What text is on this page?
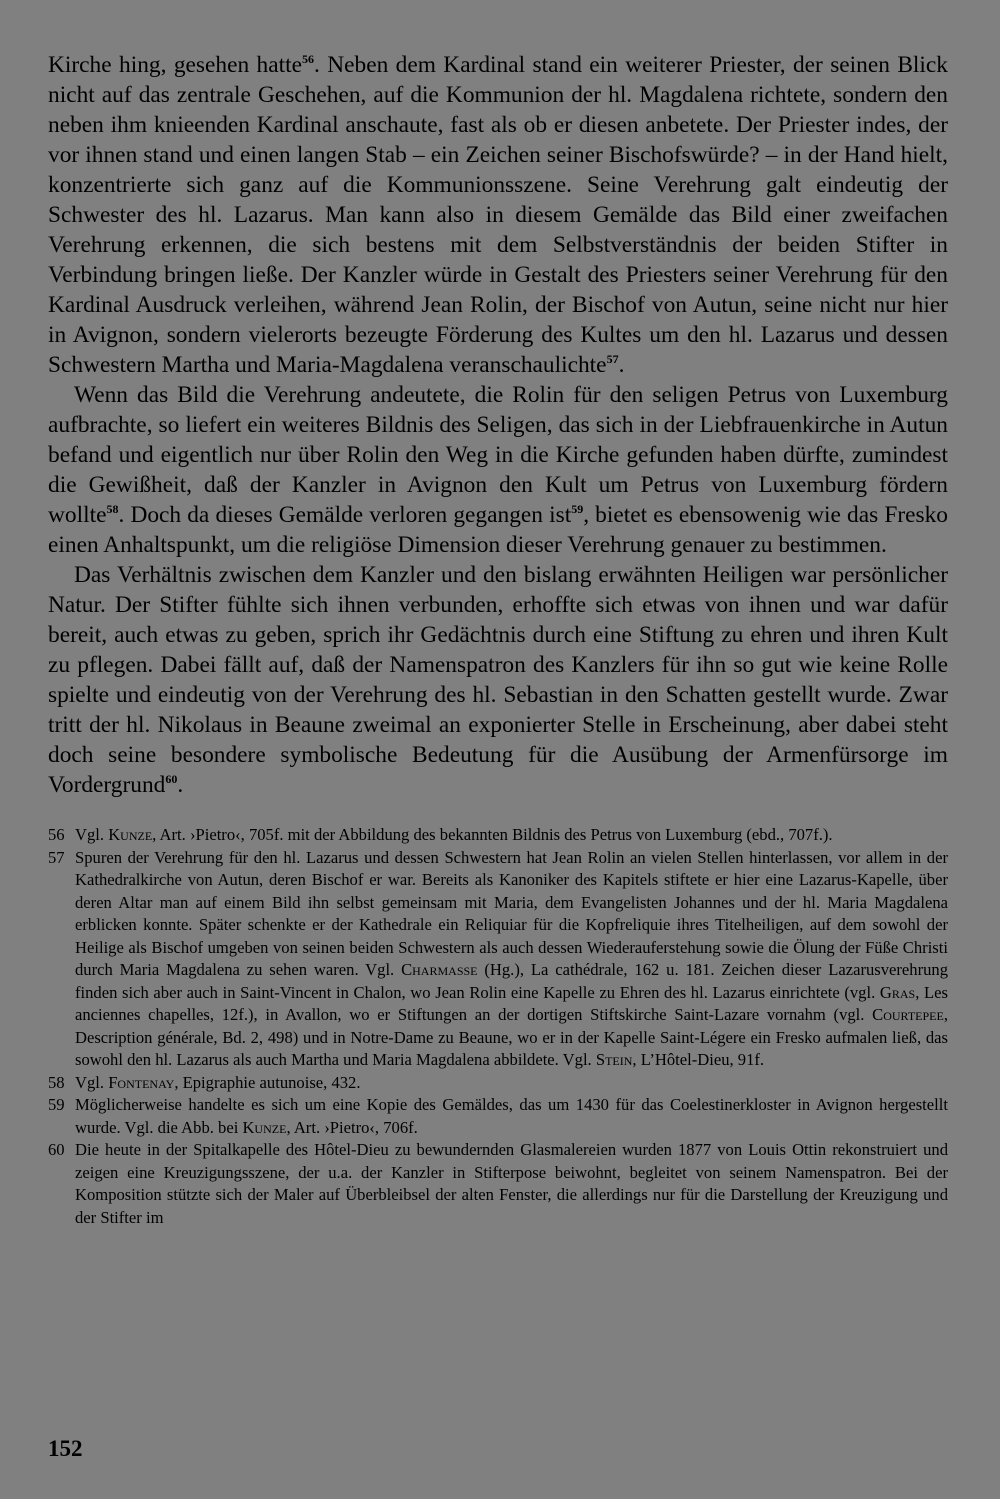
Kirche hing, gesehen hatte$^{56}$. Neben dem Kardinal stand ein weiterer Priester, der seinen Blick nicht auf das zentrale Geschehen, auf die Kommunion der hl. Magdalena richtete, sondern den neben ihm knieenden Kardinal anschaute, fast als ob er diesen anbetete. Der Priester indes, der vor ihnen stand und einen langen Stab – ein Zeichen seiner Bischofswürde? – in der Hand hielt, konzentrierte sich ganz auf die Kommunionsszene. Seine Verehrung galt eindeutig der Schwester des hl. Lazarus. Man kann also in diesem Gemälde das Bild einer zweifachen Verehrung erkennen, die sich bestens mit dem Selbstverständnis der beiden Stifter in Verbindung bringen ließe. Der Kanzler würde in Gestalt des Priesters seiner Verehrung für den Kardinal Ausdruck verleihen, während Jean Rolin, der Bischof von Autun, seine nicht nur hier in Avignon, sondern vielerorts bezeugte Förderung des Kultes um den hl. Lazarus und dessen Schwestern Martha und Maria-Magdalena veranschaulichte$^{57}$.

Wenn das Bild die Verehrung andeutete, die Rolin für den seligen Petrus von Luxemburg aufbrachte, so liefert ein weiteres Bildnis des Seligen, das sich in der Liebfrauenkirche in Autun befand und eigentlich nur über Rolin den Weg in die Kirche gefunden haben dürfte, zumindest die Gewißheit, daß der Kanzler in Avignon den Kult um Petrus von Luxemburg fördern wollte$^{58}$. Doch da dieses Gemälde verloren gegangen ist$^{59}$, bietet es ebensowenig wie das Fresko einen Anhaltspunkt, um die religiöse Dimension dieser Verehrung genauer zu bestimmen.

Das Verhältnis zwischen dem Kanzler und den bislang erwähnten Heiligen war persönlicher Natur. Der Stifter fühlte sich ihnen verbunden, erhoffte sich etwas von ihnen und war dafür bereit, auch etwas zu geben, sprich ihr Gedächtnis durch eine Stiftung zu ehren und ihren Kult zu pflegen. Dabei fällt auf, daß der Namenspatron des Kanzlers für ihn so gut wie keine Rolle spielte und eindeutig von der Verehrung des hl. Sebastian in den Schatten gestellt wurde. Zwar tritt der hl. Nikolaus in Beaune zweimal an exponierter Stelle in Erscheinung, aber dabei steht doch seine besondere symbolische Bedeutung für die Ausübung der Armenfürsorge im Vordergrund$^{60}$.

56 Vgl. Kunze, Art. ›Pietro‹, 705f. mit der Abbildung des bekannten Bildnis des Petrus von Luxemburg (ebd., 707f.).
57 Spuren der Verehrung für den hl. Lazarus und dessen Schwestern hat Jean Rolin an vielen Stellen hinterlassen, vor allem in der Kathedralkirche von Autun, deren Bischof er war. Bereits als Kanoniker des Kapitels stiftete er hier eine Lazarus-Kapelle, über deren Altar man auf einem Bild ihn selbst gemeinsam mit Maria, dem Evangelisten Johannes und der hl. Maria Magdalena erblicken konnte. Später schenkte er der Kathedrale ein Reliquiar für die Kopfreliquie ihres Titelheiligen, auf dem sowohl der Heilige als Bischof umgeben von seinen beiden Schwestern als auch dessen Wiederauferstehung sowie die Ölung der Füße Christi durch Maria Magdalena zu sehen waren. Vgl. Charmasse (Hg.), La cathédrale, 162 u. 181. Zeichen dieser Lazarusverehrung finden sich aber auch in Saint-Vincent in Chalon, wo Jean Rolin eine Kapelle zu Ehren des hl. Lazarus einrichtete (vgl. Gras, Les anciennes chapelles, 12f.), in Avallon, wo er Stiftungen an der dortigen Stiftskirche Saint-Lazare vornahm (vgl. Courtepee, Description générale, Bd. 2, 498) und in Notre-Dame zu Beaune, wo er in der Kapelle Saint-Légere ein Fresko aufmalen ließ, das sowohl den hl. Lazarus als auch Martha und Maria Magdalena abbildete. Vgl. Stein, L’Hôtel-Dieu, 91f.
58 Vgl. Fontenay, Epigraphie autunoise, 432.
59 Möglicherweise handelte es sich um eine Kopie des Gemäldes, das um 1430 für das Coelestinerkloster in Avignon hergestellt wurde. Vgl. die Abb. bei Kunze, Art. ›Pietro‹, 706f.
60 Die heute in der Spitalkapelle des Hôtel-Dieu zu bewundernden Glasmalereien wurden 1877 von Louis Ottin rekonstruiert und zeigen eine Kreuzigungsszene, der u.a. der Kanzler in Stifterpose beiwohnt, begleitet von seinem Namenspatron. Bei der Komposition stützte sich der Maler auf Überbleibsel der alten Fenster, die allerdings nur für die Darstellung der Kreuzigung und der Stifter im
152
